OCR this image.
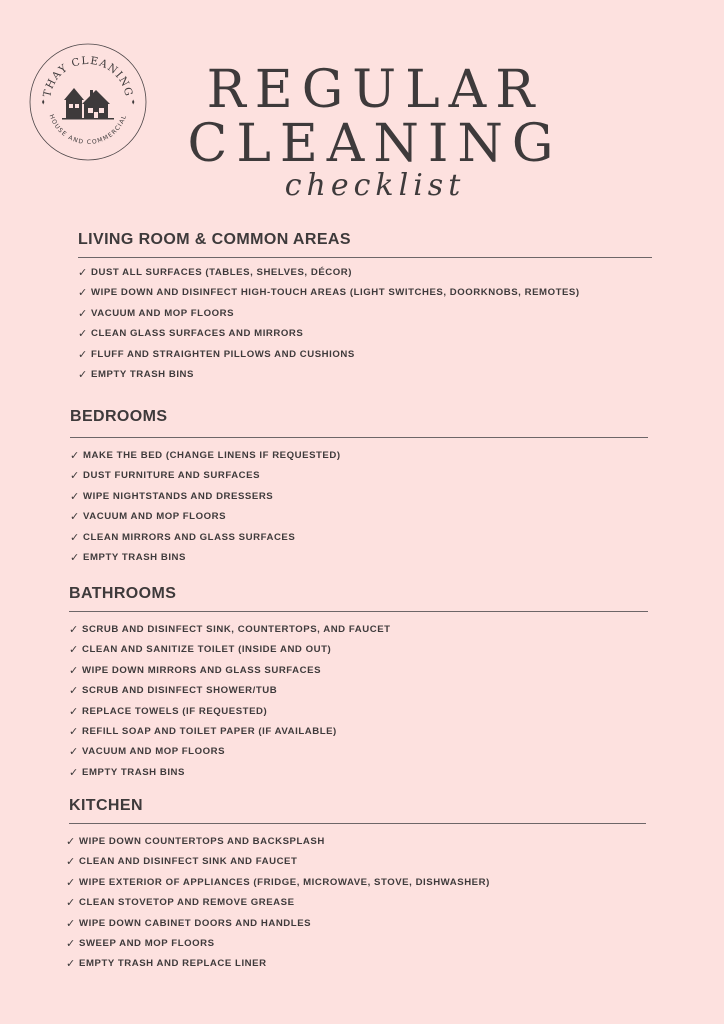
THAY CLEANING
HOUSE AND COMMERCIAL	REGULAR
CLEANING
checklist
LIVING ROOM & COMMON AREAS
✓ DUST ALL SURFACES (TABLES, SHELVES, DÉCOR)
✓ WIPE DOWN AND DISINFECT HIGH-TOUCH AREAS (LIGHT SWITCHES, DOORKNOBS, REMOTES)
✓ VACUUM AND MOP FLOORS
✓ CLEAN GLASS SURFACES AND MIRRORS
✓ FLUFF AND STRAIGHTEN PILLOWS AND CUSHIONS
✓ EMPTY TRASH BINS
BEDROOMS
✓ MAKE THE BED (CHANGE LINENS IF REQUESTED)
✓ DUST FURNITURE AND SURFACES
✓ WIPE NIGHTSTANDS AND DRESSERS
✓ VACUUM AND MOP FLOORS
✓ CLEAN MIRRORS AND GLASS SURFACES
✓ EMPTY TRASH BINS
BATHROOMS
✓ SCRUB AND DISINFECT SINK, COUNTERTOPS, AND FAUCET
✓ CLEAN AND SANITIZE TOILET (INSIDE AND OUT)
✓ WIPE DOWN MIRRORS AND GLASS SURFACES
✓ SCRUB AND DISINFECT SHOWER/TUB
✓ REPLACE TOWELS (IF REQUESTED)
✓ REFILL SOAP AND TOILET PAPER (IF AVAILABLE)
✓ VACUUM AND MOP FLOORS
✓ EMPTY TRASH BINS
KITCHEN
✓ WIPE DOWN COUNTERTOPS AND BACKSPLASH
✓ CLEAN AND DISINFECT SINK AND FAUCET
✓ WIPE EXTERIOR OF APPLIANCES (FRIDGE, MICROWAVE, STOVE, DISHWASHER)
✓ CLEAN STOVETOP AND REMOVE GREASE
✓ WIPE DOWN CABINET DOORS AND HANDLES
✓ SWEEP AND MOP FLOORS
✓ EMPTY TRASH AND REPLACE LINER
